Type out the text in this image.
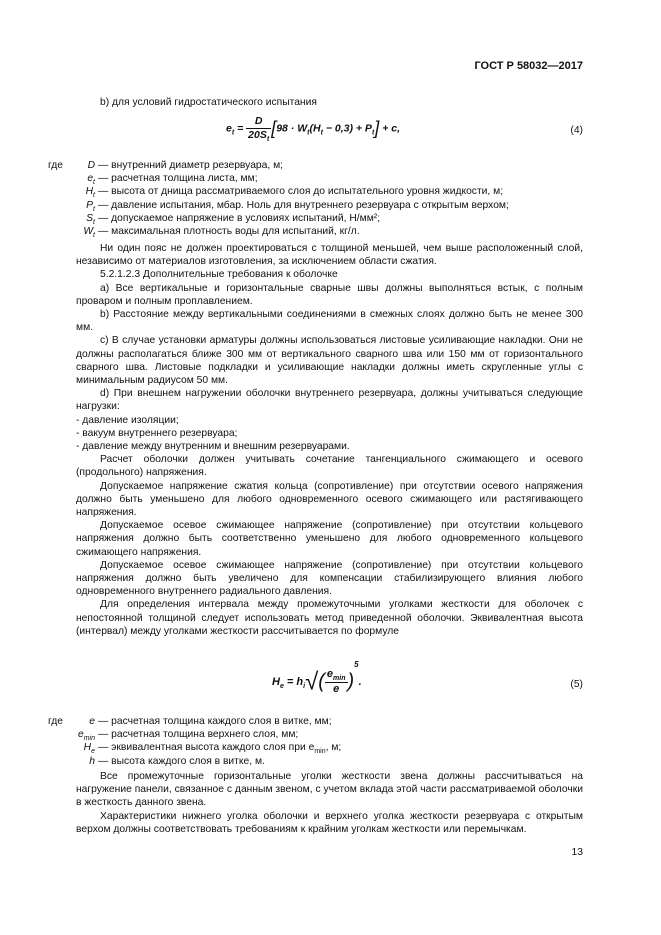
ГОСТ Р 58032—2017
b) для условий гидростатического испытания
$e_t = \frac{D}{20S_t} [98 \cdot W_t(H_t - 0,3) + P_t] + c$,	(4)
где D — внутренний диаметр резервуара, м;
$e_t$ — расчетная толщина листа, мм;
$H_t$ — высота от днища рассматриваемого слоя до испытательного уровня жидкости, м;
$P_t$ — давление испытания, мбар. Ноль для внутреннего резервуара с открытым верхом;
$S_t$ — допускаемое напряжение в условиях испытаний, Н/мм²;
$W_t$ — максимальная плотность воды для испытаний, кг/л.

Ни один пояс не должен проектироваться с толщиной меньшей, чем выше расположенный слой, независимо от материалов изготовления, за исключением области сжатия.

5.2.1.2.3 Дополнительные требования к оболочке

a) Все вертикальные и горизонтальные сварные швы должны выполняться встык, с полным проваром и полным проплавлением.

b) Расстояние между вертикальными соединениями в смежных слоях должно быть не менее 300 мм.

c) В случае установки арматуры должны использоваться листовые усиливающие накладки. Они не должны располагаться ближе 300 мм от вертикального сварного шва или 150 мм от горизонтального сварного шва. Листовые подкладки и усиливающие накладки должны иметь скругленные углы с минимальным радиусом 50 мм.

d) При внешнем нагружении оболочки внутреннего резервуара, должны учитываться следующие нагрузки:

- давление изоляции;

- вакуум внутреннего резервуара;

- давление между внутренним и внешним резервуарами.

Расчет оболочки должен учитывать сочетание тангенциального сжимающего и осевого (продольного) напряжения.

Допускаемое напряжение сжатия кольца (сопротивление) при отсутствии осевого напряжения должно быть уменьшено для любого одновременного осевого сжимающего или растягивающего напряжения.

Допускаемое осевое сжимающее напряжение (сопротивление) при отсутствии кольцевого напряжения должно быть соответственно уменьшено для любого одновременного кольцевого сжимающего напряжения.

Допускаемое осевое сжимающее напряжение (сопротивление) при отсутствии кольцевого напряжения должно быть увеличено для компенсации стабилизирующего влияния любого одновременного внутреннего радиального давления.

Для определения интервала между промежуточными уголками жесткости для оболочек с непостоянной толщиной следует использовать метод приведенной оболочки. Эквивалентная высота (интервал) между уголками жесткости рассчитывается по формуле

$H_e = h_i√( \frac{e_{min}}{e} )^5$.	(5)
где	e — расчетная толщина каждого слоя в витке, мм;
$e_{min}$ — расчетная толщина верхнего слоя, мм;
$H_e$ — эквивалентная высота каждого слоя при $e_{min}$, м;
h — высота каждого слоя в витке, м.

Все промежуточные горизонтальные уголки жесткости звена должны рассчитываться на нагружение панели, связанное с данным звеном, с учетом вклада этой части рассматриваемой оболочки в жесткость данного звена.

Характеристики нижнего уголка оболочки и верхнего уголка жесткости резервуара с открытым верхом должны соответствовать требованиям к крайним уголкам жесткости или перемычкам.

13
